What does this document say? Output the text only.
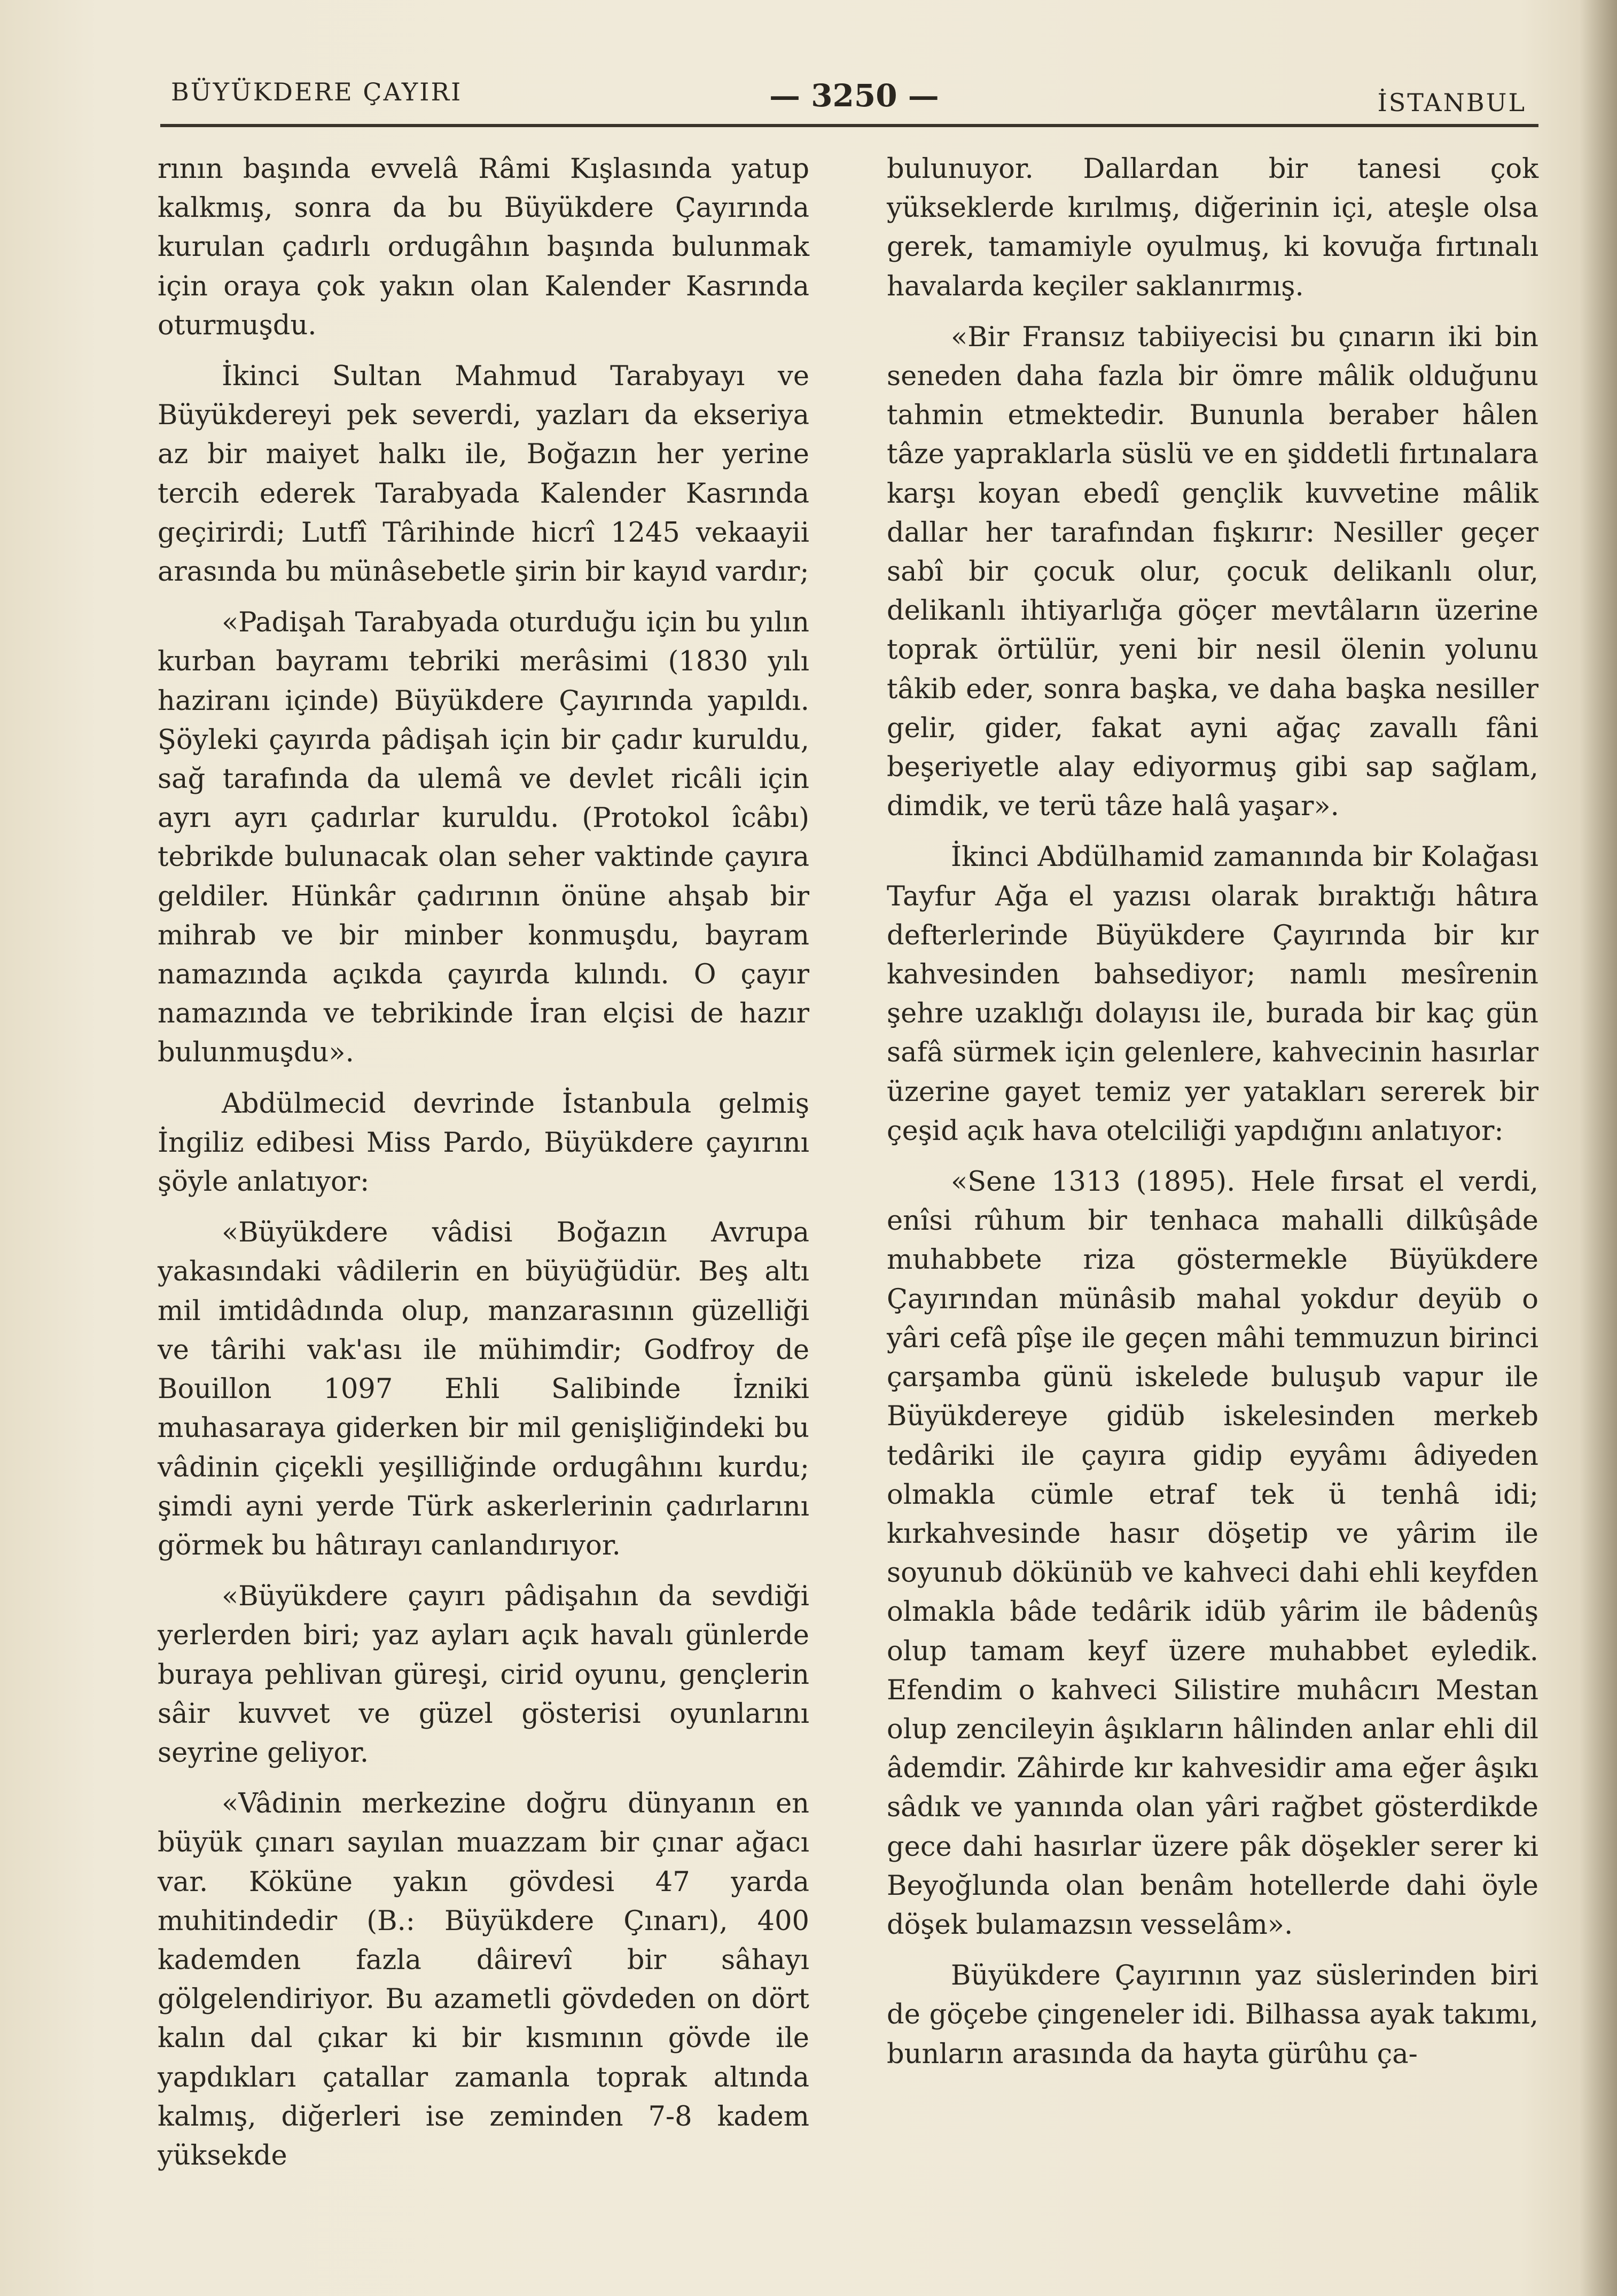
BÜYÜKDERE ÇAYIRI	— 3250 —	İSTANBUL

rının başında evvelâ Râmi Kışlasında yatup kalkmış, sonra da bu Büyükdere Çayırında kurulan çadırlı ordugâhın başında bulunmak için oraya çok yakın olan Kalender Kasrında oturmuşdu.

İkinci Sultan Mahmud Tarabyayı ve Büyükdereyi pek severdi, yazları da ekseriya az bir maiyet halkı ile, Boğazın her yerine tercih ederek Tarabyada Kalender Kasrında geçirirdi; Lutfî Târihinde hicrî 1245 vekaayii arasında bu münâsebetle şirin bir kayıd vardır;

«Padişah Tarabyada oturduğu için bu yılın kurban bayramı tebriki merâsimi (1830 yılı haziranı içinde) Büyükdere Çayırında yapıldı. Şöyleki çayırda pâdişah için bir çadır kuruldu, sağ tarafında da ulemâ ve devlet ricâli için ayrı ayrı çadırlar kuruldu. (Protokol îcâbı) tebrikde bulunacak olan seher vaktinde çayıra geldiler. Hünkâr çadırının önüne ahşab bir mihrab ve bir minber konmuşdu, bayram namazında açıkda çayırda kılındı. O çayır namazında ve tebrikinde İran elçisi de hazır bulunmuşdu».

Abdülmecid devrinde İstanbula gelmiş İngiliz edibesi Miss Pardo, Büyükdere çayırını şöyle anlatıyor:

«Büyükdere vâdisi Boğazın Avrupa yakasındaki vâdilerin en büyüğüdür. Beş altı mil imtidâdında olup, manzarasının güzelliği ve târihi vak'ası ile mühimdir; Godfroy de Bouillon 1097 Ehli Salibinde İzniki muhasaraya giderken bir mil genişliğindeki bu vâdinin çiçekli yeşilliğinde ordugâhını kurdu; şimdi ayni yerde Türk askerlerinin çadırlarını görmek bu hâtırayı canlandırıyor.

«Büyükdere çayırı pâdişahın da sevdiği yerlerden biri; yaz ayları açık havalı günlerde buraya pehlivan güreşi, cirid oyunu, gençlerin sâir kuvvet ve güzel gösterisi oyunlarını seyrine geliyor.

«Vâdinin merkezine doğru dünyanın en büyük çınarı sayılan muazzam bir çınar ağacı var. Köküne yakın gövdesi 47 yarda muhitindedir (B.: Büyükdere Çınarı), 400 kademden fazla dâirevî bir sâhayı gölgelendiriyor. Bu azametli gövdeden on dört kalın dal çıkar ki bir kısmının gövde ile yapdıkları çatallar zamanla toprak altında kalmış, diğerleri ise zeminden 7-8 kadem yüksekde

bulunuyor. Dallardan bir tanesi çok yükseklerde kırılmış, diğerinin içi, ateşle olsa gerek, tamamiyle oyulmuş, ki kovuğa fırtınalı havalarda keçiler saklanırmış.

«Bir Fransız tabiiyecisi bu çınarın iki bin seneden daha fazla bir ömre mâlik olduğunu tahmin etmektedir. Bununla beraber hâlen tâze yapraklarla süslü ve en şiddetli fırtınalara karşı koyan ebedî gençlik kuvvetine mâlik dallar her tarafından fışkırır: Nesiller geçer sabî bir çocuk olur, çocuk delikanlı olur, delikanlı ihtiyarlığa göçer mevtâların üzerine toprak örtülür, yeni bir nesil ölenin yolunu tâkib eder, sonra başka, ve daha başka nesiller gelir, gider, fakat ayni ağaç zavallı fâni beşeriyetle alay ediyormuş gibi sap sağlam, dimdik, ve terü tâze halâ yaşar».

İkinci Abdülhamid zamanında bir Kolağası Tayfur Ağa el yazısı olarak bıraktığı hâtıra defterlerinde Büyükdere Çayırında bir kır kahvesinden bahsediyor; namlı mesîrenin şehre uzaklığı dolayısı ile, burada bir kaç gün safâ sürmek için gelenlere, kahvecinin hasırlar üzerine gayet temiz yer yatakları sererek bir çeşid açık hava otelciliği yapdığını anlatıyor:

«Sene 1313 (1895). Hele fırsat el verdi, enîsi rûhum bir tenhaca mahalli dilkûşâde muhabbete riza göstermekle Büyükdere Çayırından münâsib mahal yokdur deyüb o yâri cefâ pîşe ile geçen mâhi temmuzun birinci çarşamba günü iskelede buluşub vapur ile Büyükdereye gidüb iskelesinden merkeb tedâriki ile çayıra gidip eyyâmı âdiyeden olmakla cümle etraf tek ü tenhâ idi; kırkahvesinde hasır döşetip ve yârim ile soyunub dökünüb ve kahveci dahi ehli keyfden olmakla bâde tedârik idüb yârim ile bâdenûş olup tamam keyf üzere muhabbet eyledik. Efendim o kahveci Silistire muhâcırı Mestan olup zencileyin âşıkların hâlinden anlar ehli dil âdemdir. Zâhirde kır kahvesidir ama eğer âşıkı sâdık ve yanında olan yâri rağbet gösterdikde gece dahi hasırlar üzere pâk döşekler serer ki Beyoğlunda olan benâm hotellerde dahi öyle döşek bulamazsın vesselâm».

Büyükdere Çayırının yaz süslerinden biri de göçebe çingeneler idi. Bilhassa ayak takımı, bunların arasında da hayta gürûhu ça-
